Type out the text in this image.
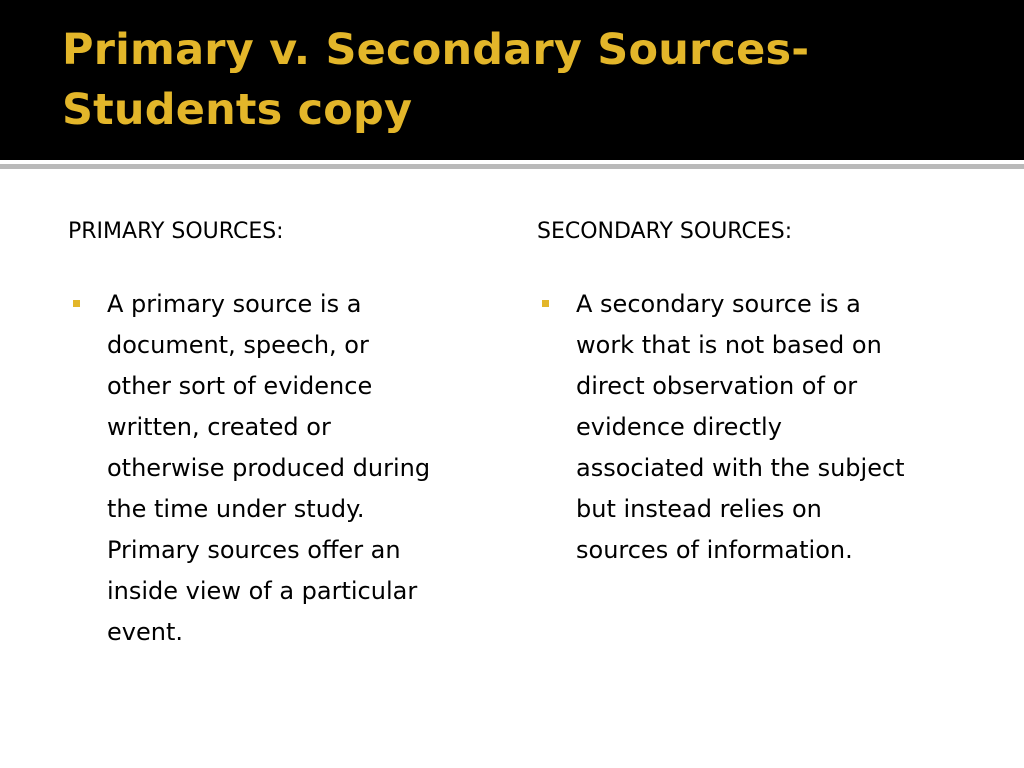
Primary v. Secondary Sources-
Students copy
PRIMARY SOURCES:

A primary source is a
document, speech, or
other sort of evidence
written, created or
otherwise produced during
the time under study.
Primary sources offer an
inside view of a particular
event.

SECONDARY SOURCES:

A secondary source is a
work that is not based on
direct observation of or
evidence directly
associated with the subject
but instead relies on
sources of information.
